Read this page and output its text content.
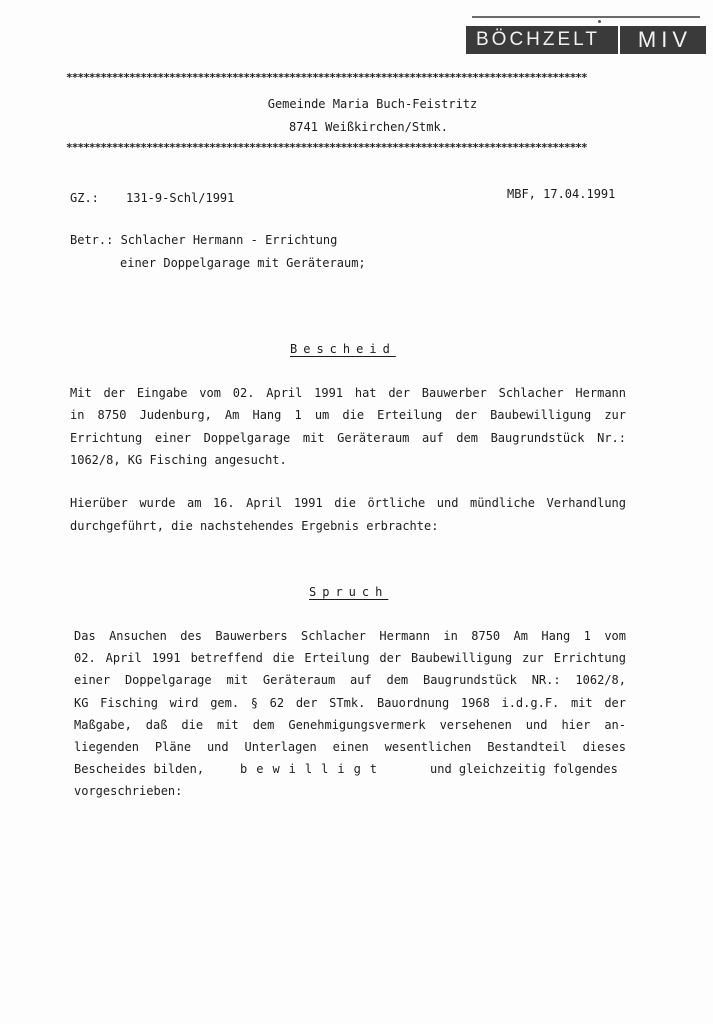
BÖCHZELT MIV
*******************************************************************************************
Gemeinde Maria Buch-Feistritz
8741 Weißkirchen/Stmk.
*******************************************************************************************
GZ.: 131-9-Schl/1991	MBF, 17.04.1991
Betr.: Schlacher Hermann - Errichtung
einer Doppelgarage mit Geräteraum;
Bescheid
Mit der Eingabe vom 02. April 1991 hat der Bauwerber Schlacher Hermann
in 8750 Judenburg, Am Hang 1 um die Erteilung der Baubewilligung zur
Errichtung einer Doppelgarage mit Geräteraum auf dem Baugrundstück Nr.:
1062/8, KG Fisching angesucht.
Hierüber wurde am 16. April 1991 die örtliche und mündliche Verhandlung
durchgeführt, die nachstehendes Ergebnis erbrachte:
Spruch
Das Ansuchen des Bauwerbers Schlacher Hermann in 8750 Am Hang 1 vom
02. April 1991 betreffend die Erteilung der Baubewilligung zur Errichtung
einer Doppelgarage mit Geräteraum auf dem Baugrundstück NR.: 1062/8,
KG Fisching wird gem. § 62 der STmk. Bauordnung 1968 i.d.g.F. mit der
Maßgabe, daß die mit dem Genehmigungsvermerk versehenen und hier an-
liegenden Pläne und Unterlagen einen wesentlichen Bestandteil dieses
Bescheides bilden,	bewilligt	und gleichzeitig folgendes
vorgeschrieben:
